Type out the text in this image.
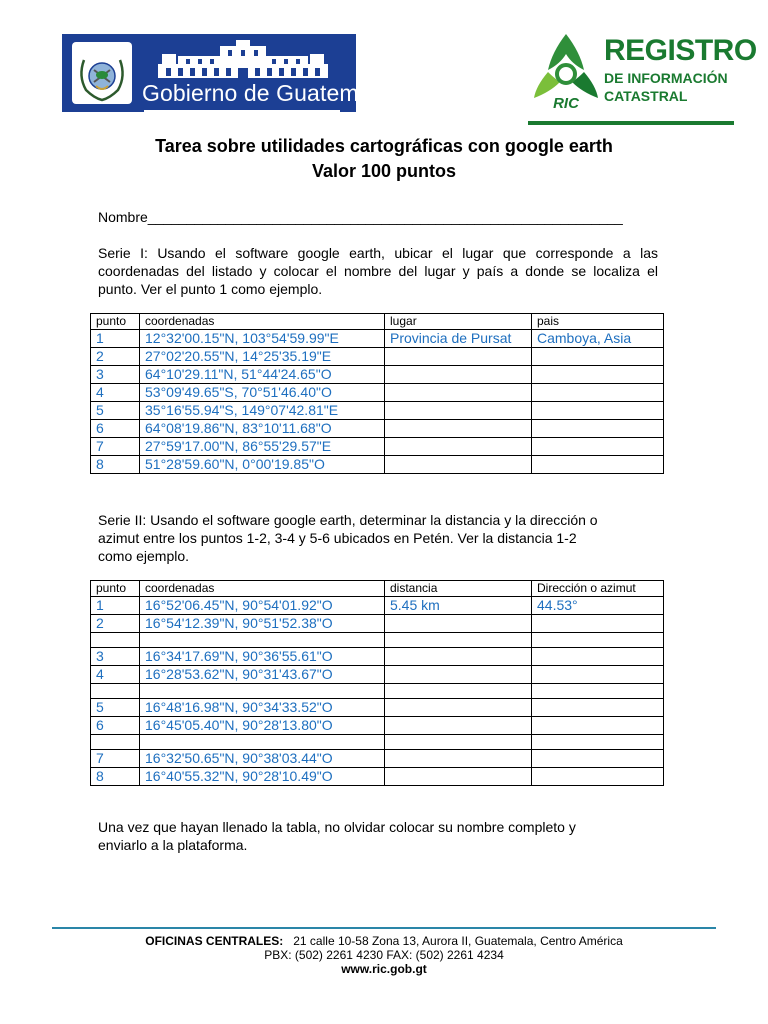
Gobierno de Guatemala	RIC
REGISTRO
DE INFORMACIÓN
CATASTRAL
Tarea sobre utilidades cartográficas con google earth
Valor 100 puntos
Nombre_____________________________________________________________
Serie I: Usando el software google earth, ubicar el lugar que corresponde a las
coordenadas del listado y colocar el nombre del lugar y país a donde se localiza el
punto. Ver el punto 1 como ejemplo.
punto	coordenadas	lugar	pais
1	12°32'00.15"N, 103°54'59.99"E	Provincia de Pursat	Camboya, Asia
2	27°02'20.55"N, 14°25'35.19"E		
3	64°10'29.11"N, 51°44'24.65"O		
4	53°09'49.65"S, 70°51'46.40"O		
5	35°16'55.94"S, 149°07'42.81"E		
6	64°08'19.86"N, 83°10'11.68"O		
7	27°59'17.00"N, 86°55'29.57"E		
8	51°28'59.60"N, 0°00'19.85"O		
Serie II: Usando el software google earth, determinar la distancia y la dirección o
azimut entre los puntos 1-2, 3-4 y 5-6 ubicados en Petén. Ver la distancia 1-2
como ejemplo.
punto	coordenadas	distancia	Dirección o azimut
1	16°52'06.45"N, 90°54'01.92"O	5.45 km	44.53°
2	16°54'12.39"N, 90°51'52.38"O		

3	16°34'17.69"N, 90°36'55.61"O		
4	16°28'53.62"N, 90°31'43.67"O		

5	16°48'16.98"N, 90°34'33.52"O		
6	16°45'05.40"N, 90°28'13.80"O		

7	16°32'50.65"N, 90°38'03.44"O		
8	16°40'55.32"N, 90°28'10.49"O		
Una vez que hayan llenado la tabla, no olvidar colocar su nombre completo y
enviarlo a la plataforma.
OFICINAS CENTRALES: 21 calle 10-58 Zona 13, Aurora II, Guatemala, Centro América
PBX: (502) 2261 4230 FAX: (502) 2261 4234
www.ric.gob.gt
